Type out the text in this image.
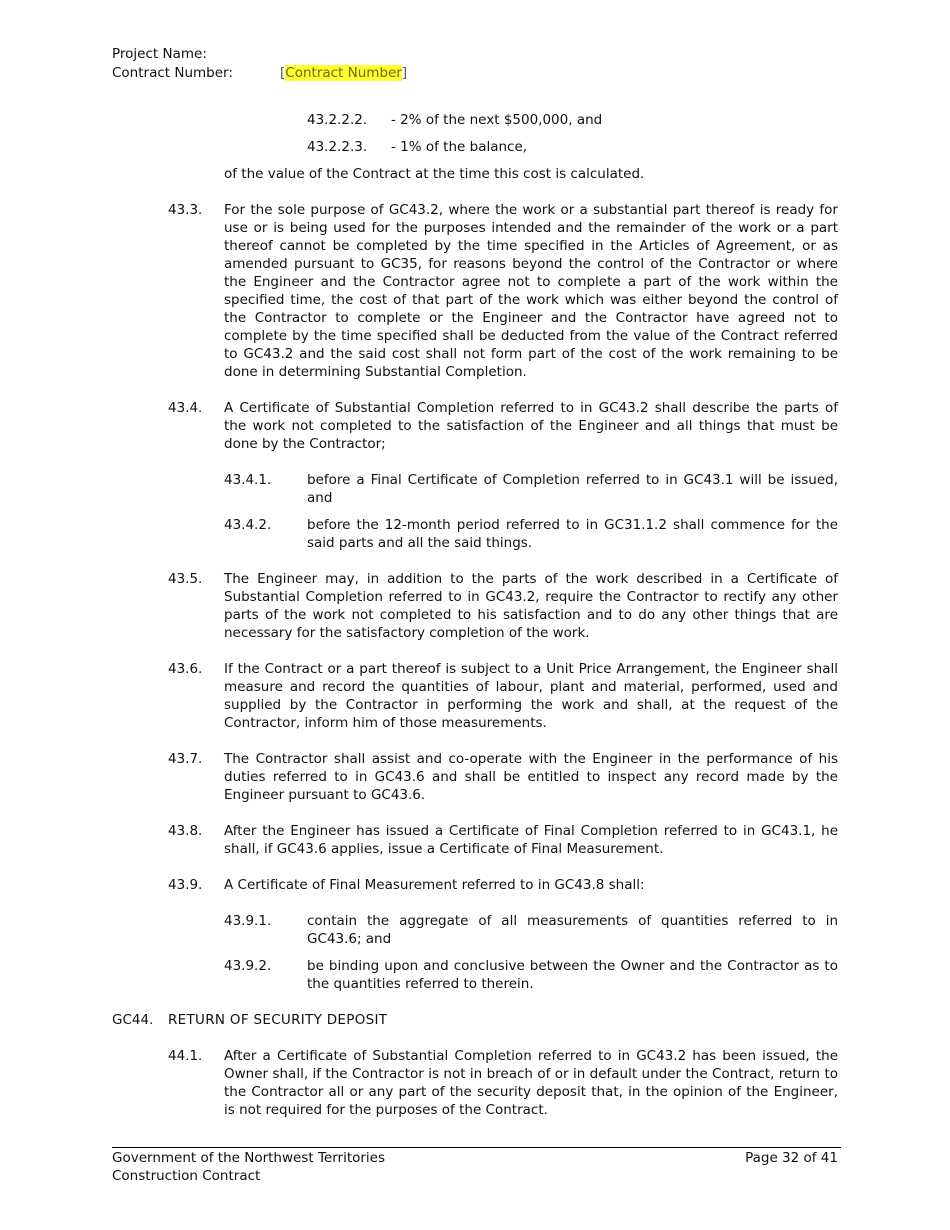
Project Name:
Contract Number:	[Contract Number]
43.2.2.2. - 2% of the next $500,000, and
43.2.2.3. - 1% of the balance,
of the value of the Contract at the time this cost is calculated.
43.3. For the sole purpose of GC43.2, where the work or a substantial part thereof is ready for use or is being used for the purposes intended and the remainder of the work or a part thereof cannot be completed by the time specified in the Articles of Agreement, or as amended pursuant to GC35, for reasons beyond the control of the Contractor or where the Engineer and the Contractor agree not to complete a part of the work within the specified time, the cost of that part of the work which was either beyond the control of the Contractor to complete or the Engineer and the Contractor have agreed not to complete by the time specified shall be deducted from the value of the Contract referred to GC43.2 and the said cost shall not form part of the cost of the work remaining to be done in determining Substantial Completion.
43.4. A Certificate of Substantial Completion referred to in GC43.2 shall describe the parts of the work not completed to the satisfaction of the Engineer and all things that must be done by the Contractor;
43.4.1.	before a Final Certificate of Completion referred to in GC43.1 will be issued, and
43.4.2.	before the 12-month period referred to in GC31.1.2 shall commence for the said parts and all the said things.
43.5. The Engineer may, in addition to the parts of the work described in a Certificate of Substantial Completion referred to in GC43.2, require the Contractor to rectify any other parts of the work not completed to his satisfaction and to do any other things that are necessary for the satisfactory completion of the work.
43.6. If the Contract or a part thereof is subject to a Unit Price Arrangement, the Engineer shall measure and record the quantities of labour, plant and material, performed, used and supplied by the Contractor in performing the work and shall, at the request of the Contractor, inform him of those measurements.
43.7. The Contractor shall assist and co-operate with the Engineer in the performance of his duties referred to in GC43.6 and shall be entitled to inspect any record made by the Engineer pursuant to GC43.6.
43.8. After the Engineer has issued a Certificate of Final Completion referred to in GC43.1, he shall, if GC43.6 applies, issue a Certificate of Final Measurement.
43.9. A Certificate of Final Measurement referred to in GC43.8 shall:
43.9.1.	contain the aggregate of all measurements of quantities referred to in GC43.6; and
43.9.2.	be binding upon and conclusive between the Owner and the Contractor as to the quantities referred to therein.
GC44. RETURN OF SECURITY DEPOSIT
44.1. After a Certificate of Substantial Completion referred to in GC43.2 has been issued, the Owner shall, if the Contractor is not in breach of or in default under the Contract, return to the Contractor all or any part of the security deposit that, in the opinion of the Engineer, is not required for the purposes of the Contract.
Government of the Northwest Territories
Construction Contract
Page 32 of 41
